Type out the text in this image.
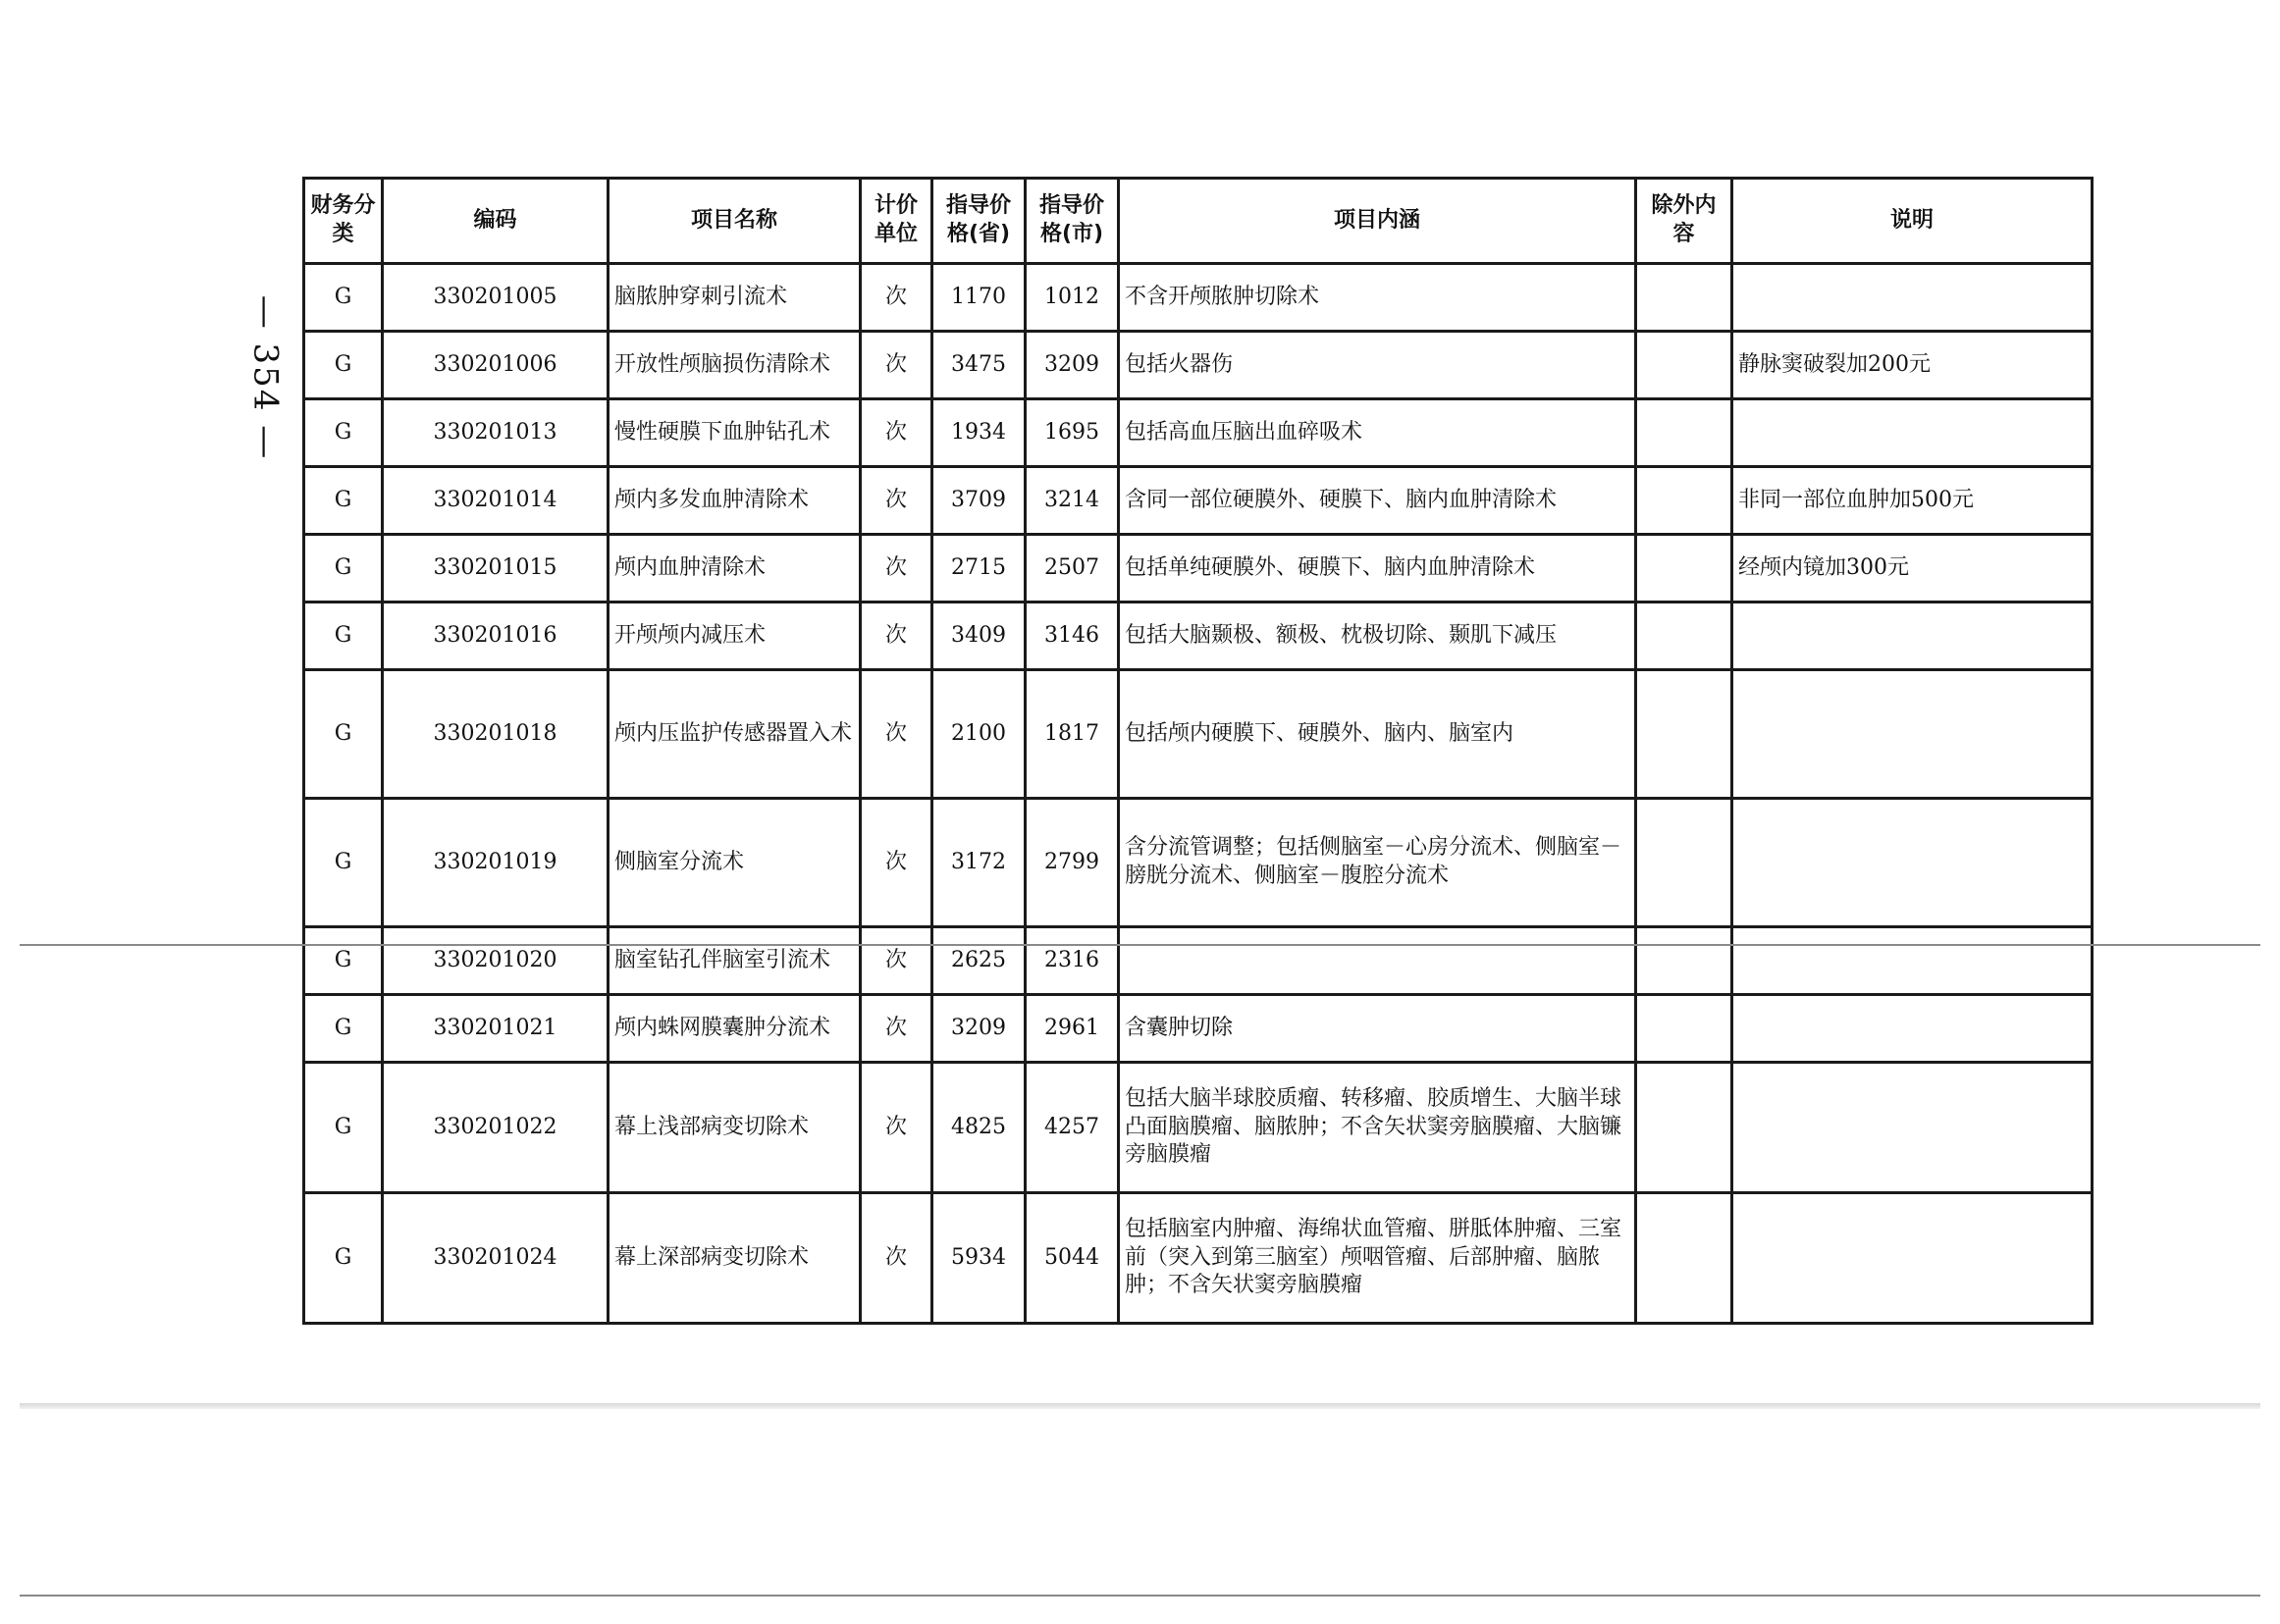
— 354 —
财务分类	编码	项目名称	计价单位	指导价格(省)	指导价格(市)	项目内涵	除外内容	说明
G	330201005	脑脓肿穿刺引流术	次	1170	1012	不含开颅脓肿切除术		
G	330201006	开放性颅脑损伤清除术	次	3475	3209	包括火器伤		静脉窦破裂加200元
G	330201013	慢性硬膜下血肿钻孔术	次	1934	1695	包括高血压脑出血碎吸术		
G	330201014	颅内多发血肿清除术	次	3709	3214	含同一部位硬膜外、硬膜下、脑内血肿清除术		非同一部位血肿加500元
G	330201015	颅内血肿清除术	次	2715	2507	包括单纯硬膜外、硬膜下、脑内血肿清除术		经颅内镜加300元
G	330201016	开颅颅内减压术	次	3409	3146	包括大脑颞极、额极、枕极切除、颞肌下减压		
G	330201018	颅内压监护传感器置入术	次	2100	1817	包括颅内硬膜下、硬膜外、脑内、脑室内		
G	330201019	侧脑室分流术	次	3172	2799	含分流管调整；包括侧脑室－心房分流术、侧脑室－膀胱分流术、侧脑室－腹腔分流术		
G	330201020	脑室钻孔伴脑室引流术	次	2625	2316			
G	330201021	颅内蛛网膜囊肿分流术	次	3209	2961	含囊肿切除		
G	330201022	幕上浅部病变切除术	次	4825	4257	包括大脑半球胶质瘤、转移瘤、胶质增生、大脑半球凸面脑膜瘤、脑脓肿；不含矢状窦旁脑膜瘤、大脑镰旁脑膜瘤		
G	330201024	幕上深部病变切除术	次	5934	5044	包括脑室内肿瘤、海绵状血管瘤、胼胝体肿瘤、三室前（突入到第三脑室）颅咽管瘤、后部肿瘤、脑脓肿；不含矢状窦旁脑膜瘤		
